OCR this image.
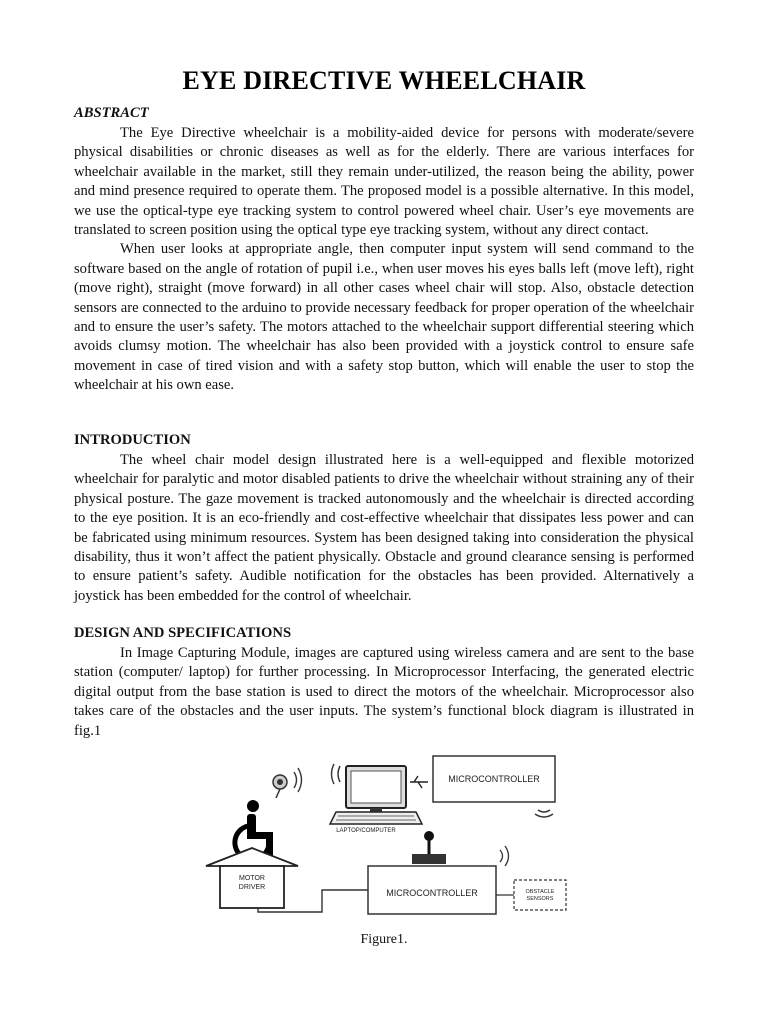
EYE DIRECTIVE WHEELCHAIR
ABSTRACT

The Eye Directive wheelchair is a mobility-aided device for persons with moderate/severe physical disabilities or chronic diseases as well as for the elderly. There are various interfaces for wheelchair available in the market, still they remain under-utilized, the reason being the ability, power and mind presence required to operate them. The proposed model is a possible alternative. In this model, we use the optical-type eye tracking system to control powered wheel chair. User’s eye movements are translated to screen position using the optical type eye tracking system, without any direct contact.

When user looks at appropriate angle, then computer input system will send command to the software based on the angle of rotation of pupil i.e., when user moves his eyes balls left (move left), right (move right), straight (move forward) in all other cases wheel chair will stop. Also, obstacle detection sensors are connected to the arduino to provide necessary feedback for proper operation of the wheelchair and to ensure the user’s safety. The motors attached to the wheelchair support differential steering which avoids clumsy motion. The wheelchair has also been provided with a joystick control to ensure safe movement in case of tired vision and with a safety stop button, which will enable the user to stop the wheelchair at his own ease.

INTRODUCTION

The wheel chair model design illustrated here is a well-equipped and flexible motorized wheelchair for paralytic and motor disabled patients to drive the wheelchair without straining any of their physical posture. The gaze movement is tracked autonomously and the wheelchair is directed according to the eye position. It is an eco-friendly and cost-effective wheelchair that dissipates less power and can be fabricated using minimum resources. System has been designed taking into consideration the physical disability, thus it won’t affect the patient physically. Obstacle and ground clearance sensing is performed to ensure patient’s safety. Audible notification for the obstacles has been provided. Alternatively a joystick has been embedded for the control of wheelchair.

DESIGN AND SPECIFICATIONS

In Image Capturing Module, images are captured using wireless camera and are sent to the base station (computer/ laptop) for further processing. In Microprocessor Interfacing, the generated electric digital output from the base station is used to direct the motors of the wheelchair. Microprocessor also takes care of the obstacles and the user inputs. The system’s functional block diagram is illustrated in fig.1

MICROCONTROLLER
LAPTOP/COMPUTER
MOTOR
DRIVER
MICROCONTROLLER	OBSTACLE
SENSORS
Figure1.
